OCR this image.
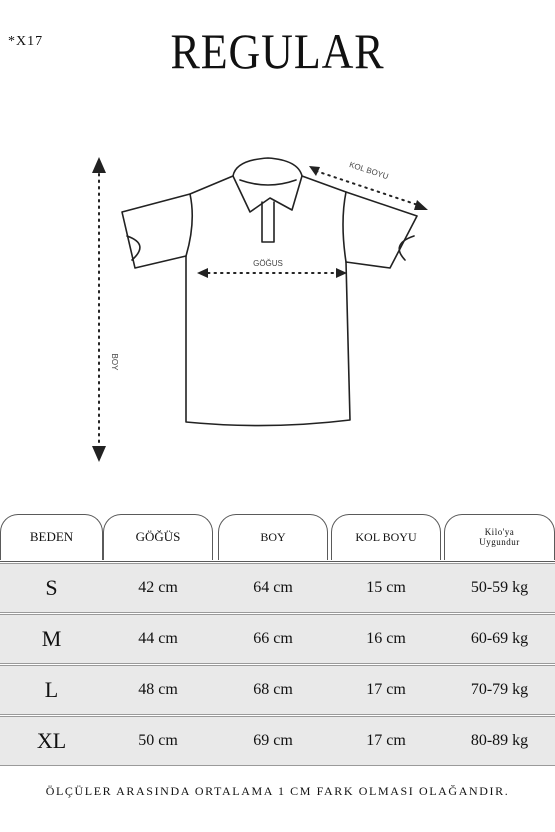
*X17	REGULAR
BOY
GÖĞUS
KOL BOYU
BEDEN	GÖĞÜS	BOY	KOL BOYU	Kilo'ya
Uygundur
S	42 cm	64 cm	15 cm	50-59 kg
M	44 cm	66 cm	16 cm	60-69 kg
L	48 cm	68 cm	17 cm	70-79 kg
XL	50 cm	69 cm	17 cm	80-89 kg
ÖLÇÜLER ARASINDA ORTALAMA 1 CM FARK OLMASI OLAĞANDIR.
